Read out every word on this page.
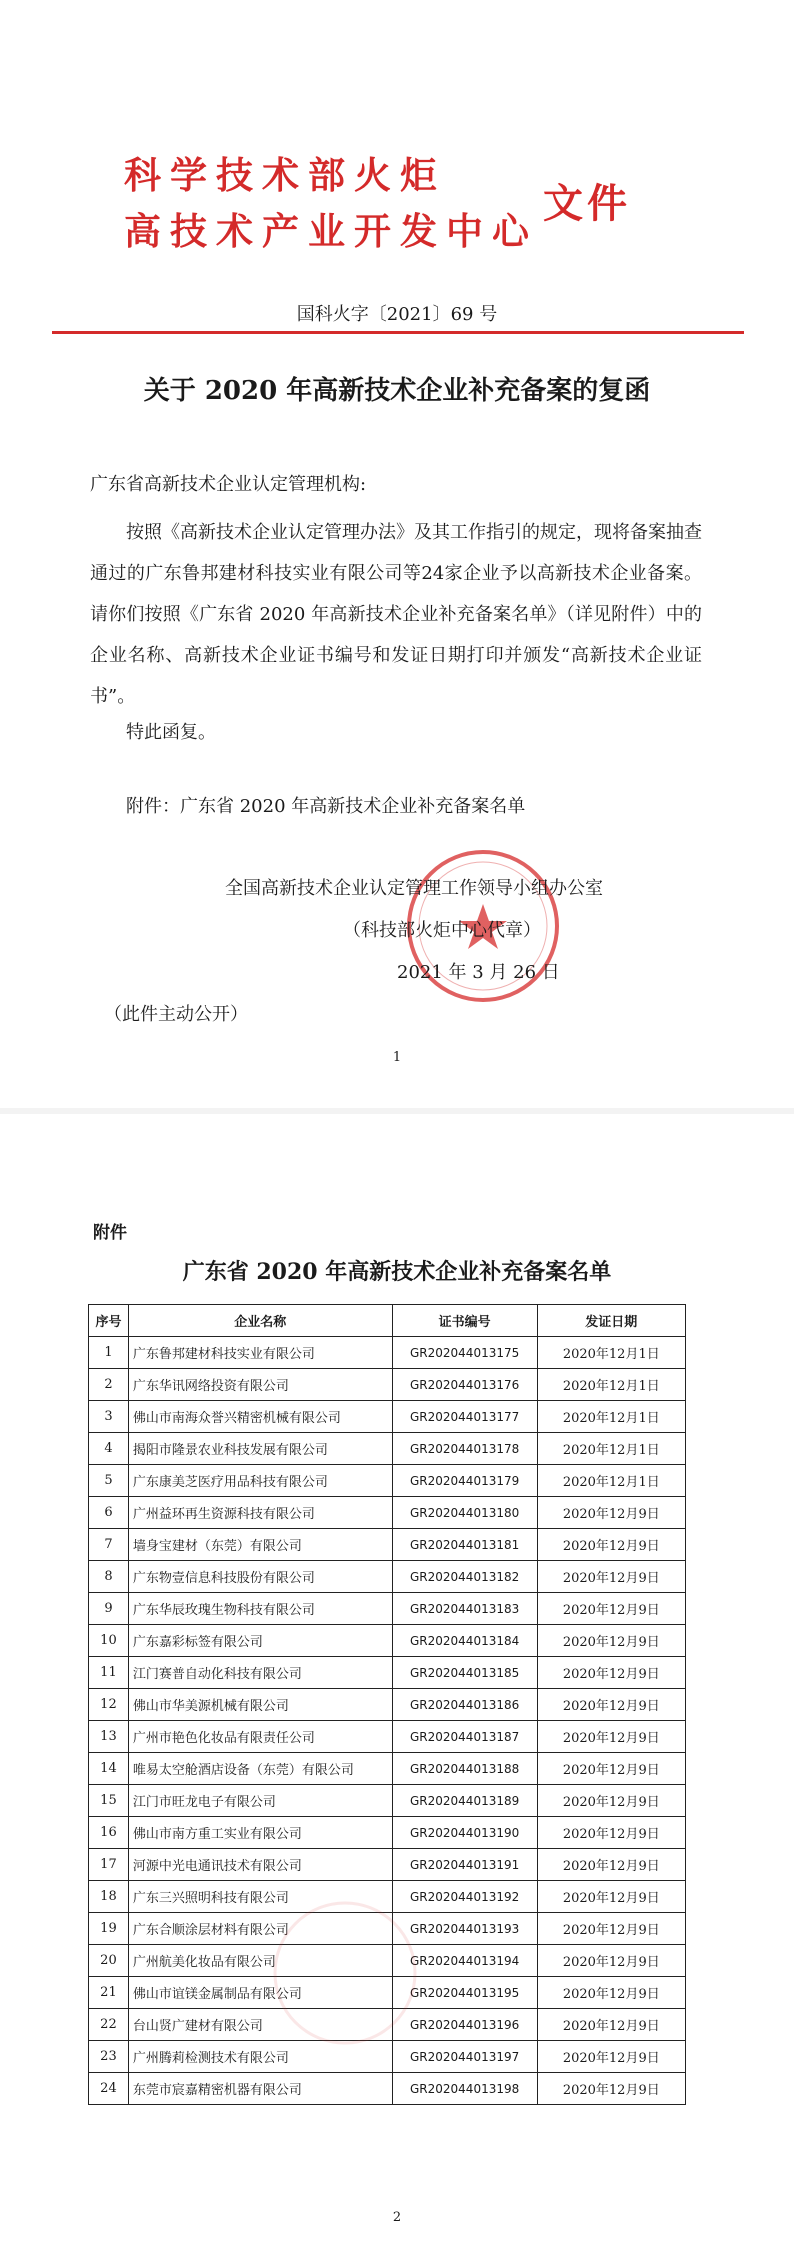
科学技术部火炬
高技术产业开发中心
文件
国科火字〔2021〕69 号
关于 2020 年高新技术企业补充备案的复函
广东省高新技术企业认定管理机构:

按照《高新技术企业认定管理办法》及其工作指引的规定，现将备案抽查通过的广东鲁邦建材科技实业有限公司等24家企业予以高新技术企业备案。请你们按照《广东省 2020 年高新技术企业补充备案名单》（详见附件）中的企业名称、高新技术企业证书编号和发证日期打印并颁发“高新技术企业证书”。

特此函复。
附件：广东省 2020 年高新技术企业补充备案名单
全国高新技术企业认定管理工作领导小组办公室
（科技部火炬中心代章）
2021 年 3 月 26 日
（此件主动公开）
1
附件
广东省 2020 年高新技术企业补充备案名单
序号	企业名称	证书编号	发证日期
1	广东鲁邦建材科技实业有限公司	GR202044013175	2020年12月1日
2	广东华讯网络投资有限公司	GR202044013176	2020年12月1日
3	佛山市南海众誉兴精密机械有限公司	GR202044013177	2020年12月1日
4	揭阳市隆景农业科技发展有限公司	GR202044013178	2020年12月1日
5	广东康美芝医疗用品科技有限公司	GR202044013179	2020年12月1日
6	广州益环再生资源科技有限公司	GR202044013180	2020年12月9日
7	墙身宝建材（东莞）有限公司	GR202044013181	2020年12月9日
8	广东物壹信息科技股份有限公司	GR202044013182	2020年12月9日
9	广东华辰玫瑰生物科技有限公司	GR202044013183	2020年12月9日
10	广东嘉彩标签有限公司	GR202044013184	2020年12月9日
11	江门赛普自动化科技有限公司	GR202044013185	2020年12月9日
12	佛山市华美源机械有限公司	GR202044013186	2020年12月9日
13	广州市艳色化妆品有限责任公司	GR202044013187	2020年12月9日
14	唯易太空舱酒店设备（东莞）有限公司	GR202044013188	2020年12月9日
15	江门市旺龙电子有限公司	GR202044013189	2020年12月9日
16	佛山市南方重工实业有限公司	GR202044013190	2020年12月9日
17	河源中光电通讯技术有限公司	GR202044013191	2020年12月9日
18	广东三兴照明科技有限公司	GR202044013192	2020年12月9日
19	广东合顺涂层材料有限公司	GR202044013193	2020年12月9日
20	广州航美化妆品有限公司	GR202044013194	2020年12月9日
21	佛山市谊镁金属制品有限公司	GR202044013195	2020年12月9日
22	台山贤广建材有限公司	GR202044013196	2020年12月9日
23	广州腾莉检测技术有限公司	GR202044013197	2020年12月9日
24	东莞市宸嘉精密机器有限公司	GR202044013198	2020年12月9日
2
